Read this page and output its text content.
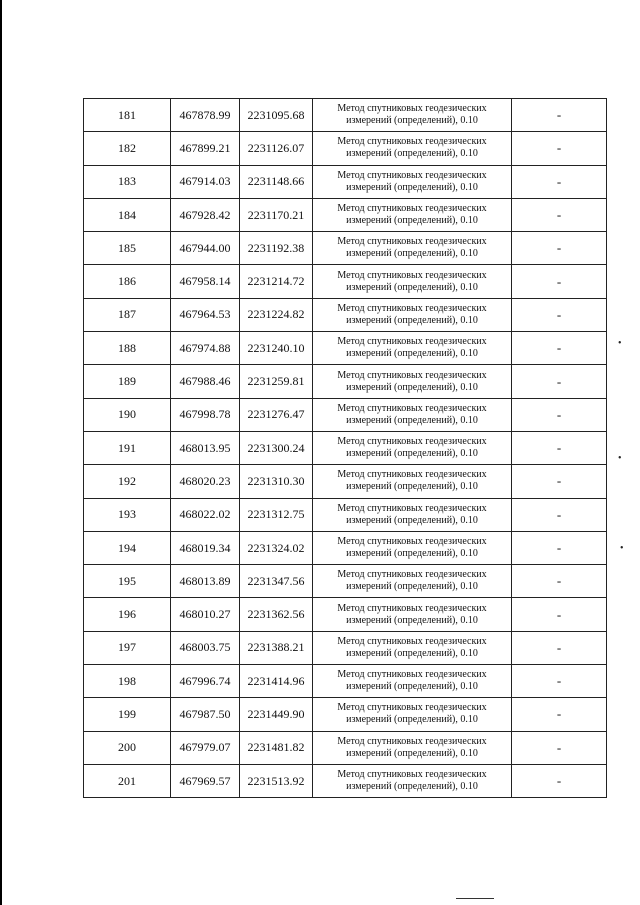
181	467878.99	2231095.68	Метод спутниковых геодезических
измерений (определений), 0.10	-
182	467899.21	2231126.07	Метод спутниковых геодезических
измерений (определений), 0.10	-
183	467914.03	2231148.66	Метод спутниковых геодезических
измерений (определений), 0.10	-
184	467928.42	2231170.21	Метод спутниковых геодезических
измерений (определений), 0.10	-
185	467944.00	2231192.38	Метод спутниковых геодезических
измерений (определений), 0.10	-
186	467958.14	2231214.72	Метод спутниковых геодезических
измерений (определений), 0.10	-
187	467964.53	2231224.82	Метод спутниковых геодезических
измерений (определений), 0.10	-
188	467974.88	2231240.10	Метод спутниковых геодезических
измерений (определений), 0.10	-
189	467988.46	2231259.81	Метод спутниковых геодезических
измерений (определений), 0.10	-
190	467998.78	2231276.47	Метод спутниковых геодезических
измерений (определений), 0.10	-
191	468013.95	2231300.24	Метод спутниковых геодезических
измерений (определений), 0.10	-
192	468020.23	2231310.30	Метод спутниковых геодезических
измерений (определений), 0.10	-
193	468022.02	2231312.75	Метод спутниковых геодезических
измерений (определений), 0.10	-
194	468019.34	2231324.02	Метод спутниковых геодезических
измерений (определений), 0.10	-
195	468013.89	2231347.56	Метод спутниковых геодезических
измерений (определений), 0.10	-
196	468010.27	2231362.56	Метод спутниковых геодезических
измерений (определений), 0.10	-
197	468003.75	2231388.21	Метод спутниковых геодезических
измерений (определений), 0.10	-
198	467996.74	2231414.96	Метод спутниковых геодезических
измерений (определений), 0.10	-
199	467987.50	2231449.90	Метод спутниковых геодезических
измерений (определений), 0.10	-
200	467979.07	2231481.82	Метод спутниковых геодезических
измерений (определений), 0.10	-
201	467969.57	2231513.92	Метод спутниковых геодезических
измерений (определений), 0.10	-
•
•
•
